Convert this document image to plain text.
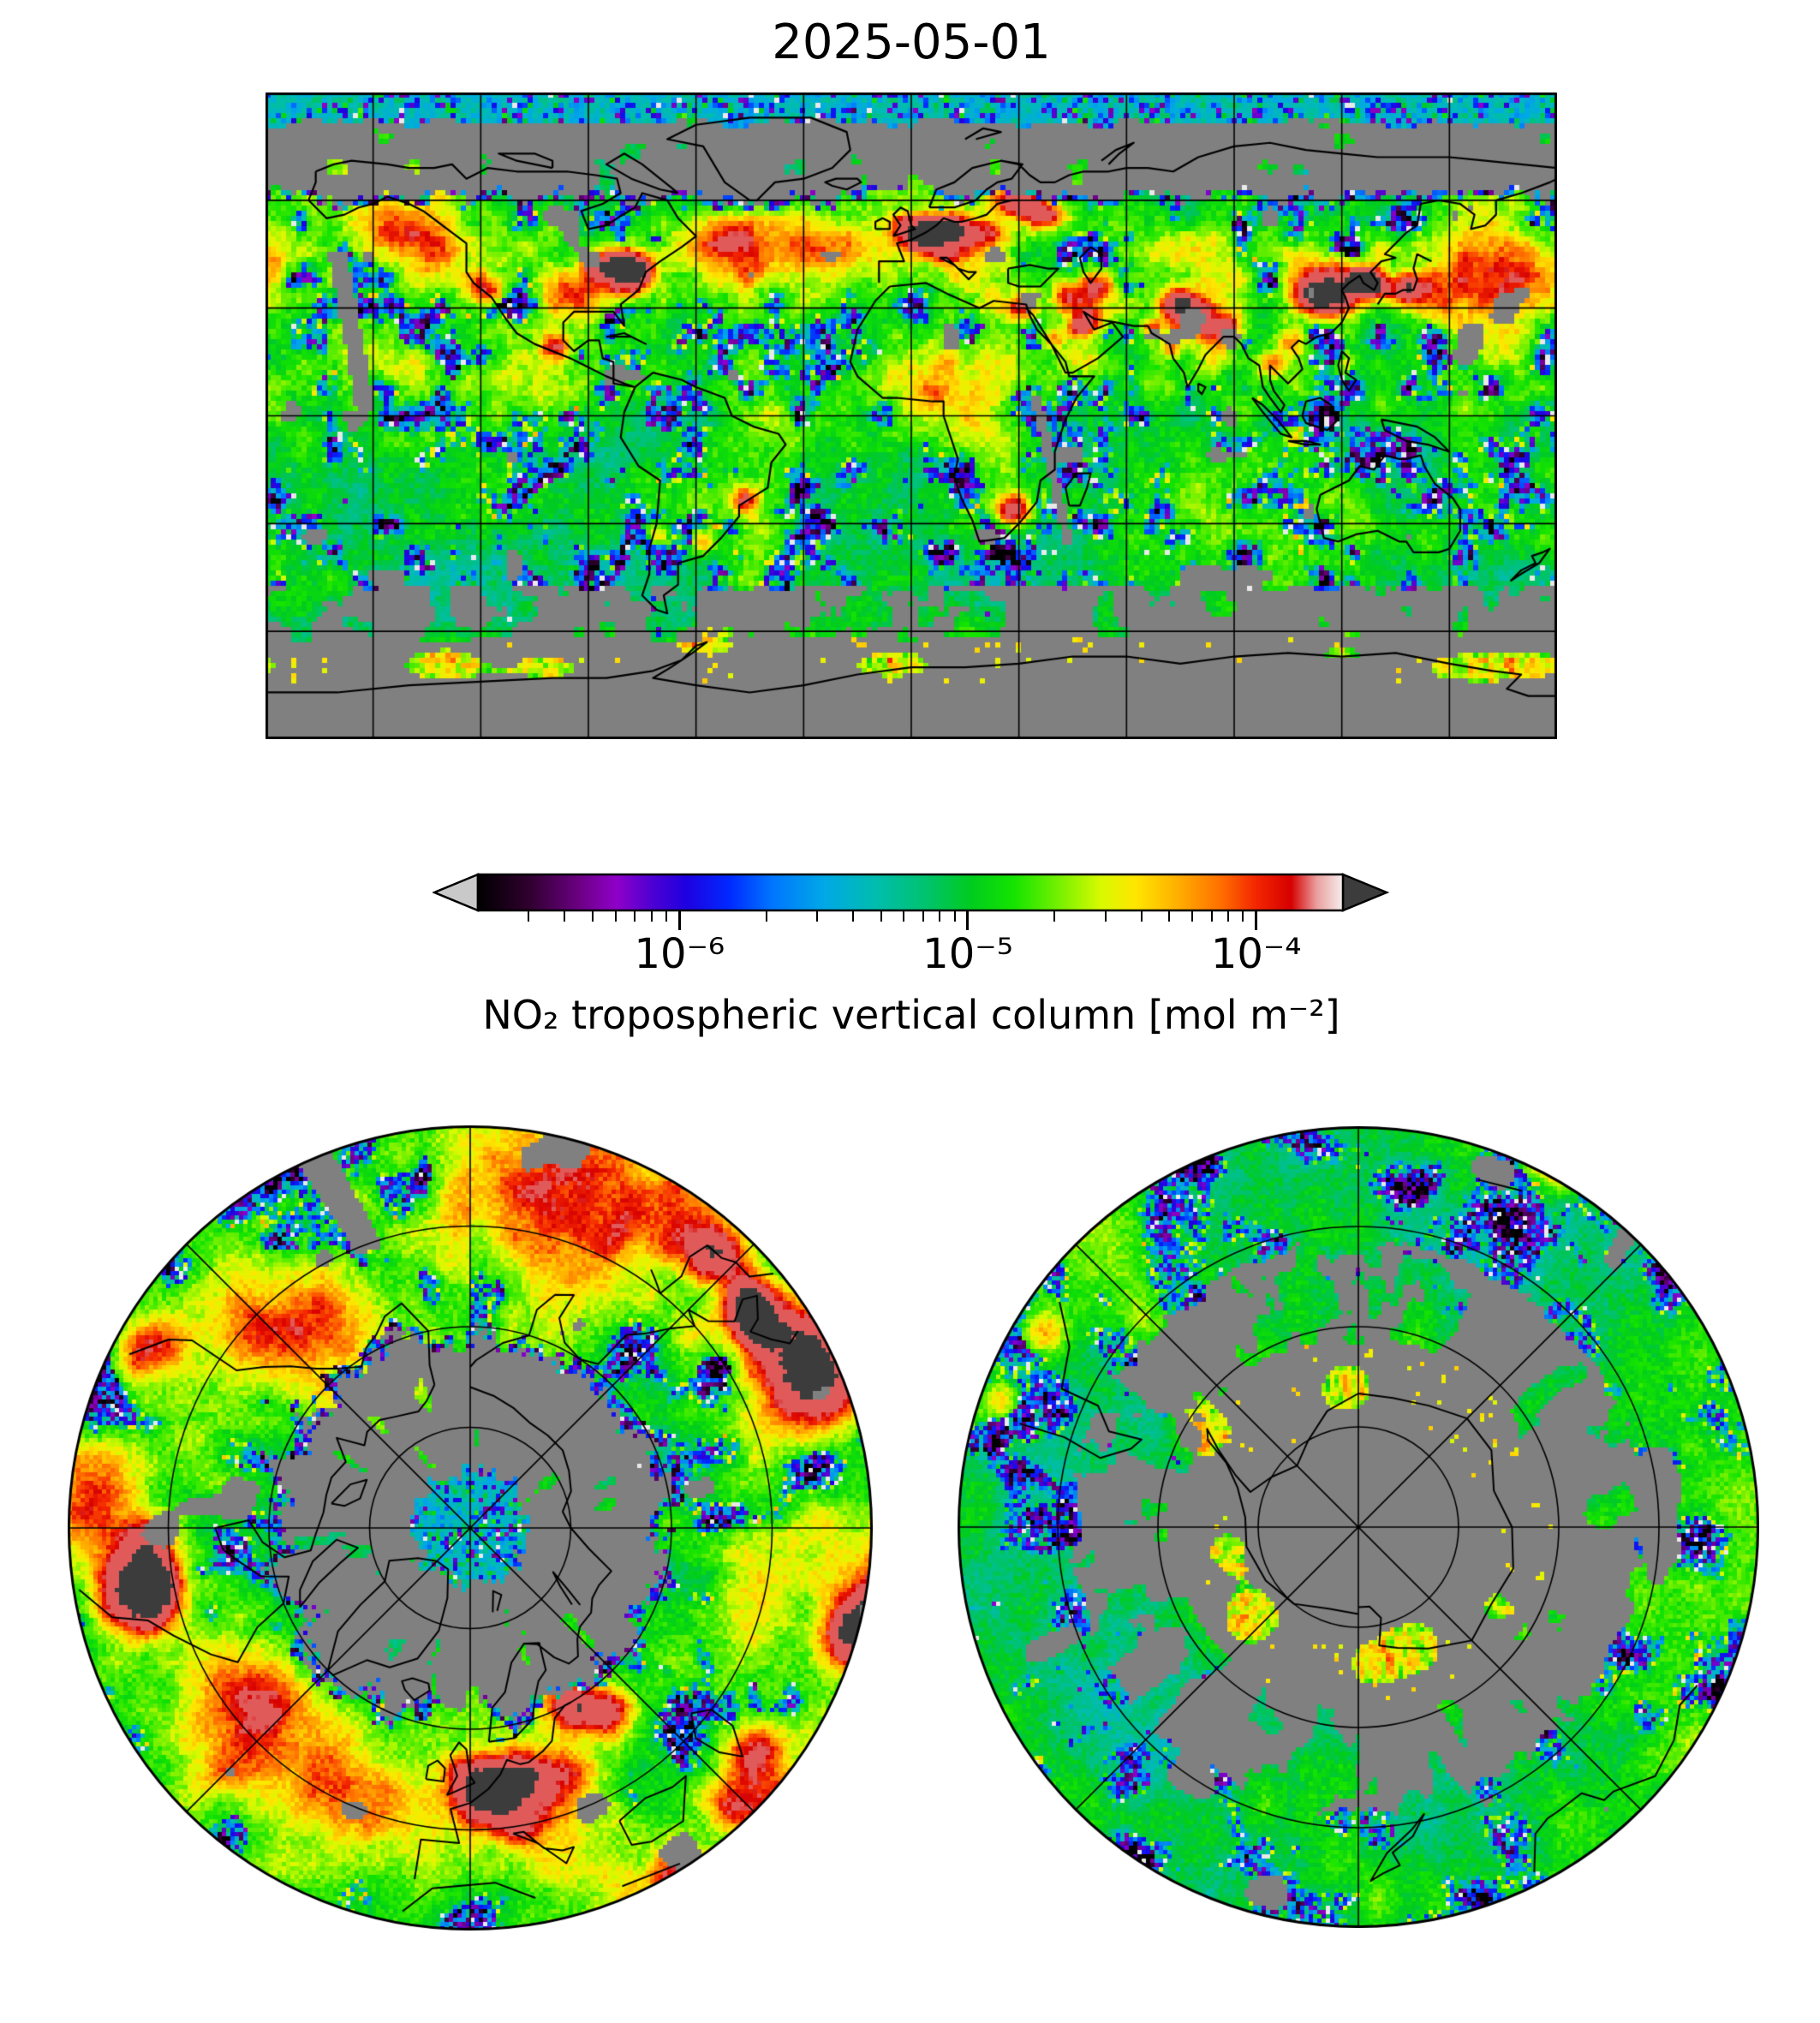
2025-05-01
10⁻⁶	10⁻⁵	10⁻⁴
NO₂ tropospheric vertical column [mol m⁻²]
